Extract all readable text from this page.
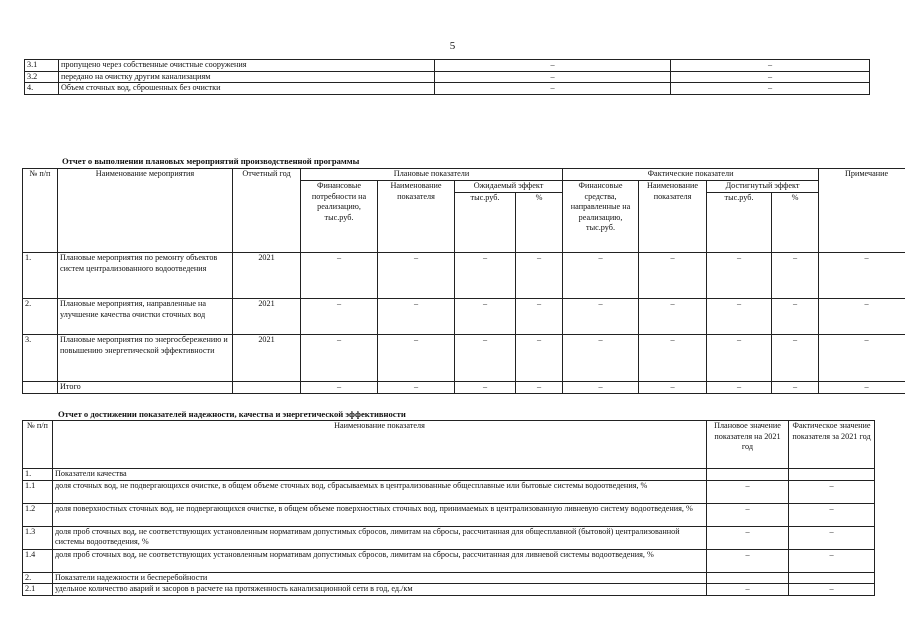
5
3.1	пропущено через собственные очистные сооружения	–	–
3.2	передано на очистку другим канализациям	–	–
4.	Объем сточных вод, сброшенных без очистки	–	–
Отчет о выполнении плановых мероприятий производственной программы
№ п/п	Наименование мероприятия	Отчетный год	Плановые показатели				Фактические показатели				Примечание
			Финансовые потребности на реализацию, тыс.руб.	Наименование показателя	Ожидаемый эффект		Финансовые средства, направленные на реализацию, тыс.руб.	Наименование показателя	Достигнутый эффект		
					тыс.руб.	%			тыс.руб.	%	
1.	Плановые мероприятия по ремонту объектов систем централизованного водоотведения	2021	–	–	–	–	–	–	–	–	–
2.	Плановые мероприятия, направленные на улучшение качества очистки сточных вод	2021	–	–	–	–	–	–	–	–	–
3.	Плановые мероприятия по энергосбережению и повышению энергетической эффективности	2021	–	–	–	–	–	–	–	–	–
	Итого		–	–	–	–	–	–	–	–	–
Отчет о достижении показателей надежности, качества и энергетической эффективности
№ п/п	Наименование показателя	Плановое значение показателя на 2021 год	Фактическое значение показателя за 2021 год
1.	Показатели качества		
1.1	доля сточных вод, не подвергающихся очистке, в общем объеме сточных вод, сбрасываемых в централизованные общесплавные или бытовые системы водоотведения, %	–	–
1.2	доля поверхностных сточных вод, не подвергающихся очистке, в общем объеме поверхностных сточных вод, принимаемых в централизованную ливневую систему водоотведения, %	–	–
1.3	доля проб сточных вод, не соответствующих установленным нормативам допустимых сбросов, лимитам на сбросы, рассчитанная для общесплавной (бытовой) централизованной системы водоотведения, %	–	–
1.4	доля проб сточных вод, не соответствующих установленным нормативам допустимых сбросов, лимитам на сбросы, рассчитанная для ливневой системы водоотведения, %	–	–
2.	Показатели надежности и бесперебойности		
2.1	удельное количество аварий и засоров в расчете на протяженность канализационной сети в год, ед./км	–	–
